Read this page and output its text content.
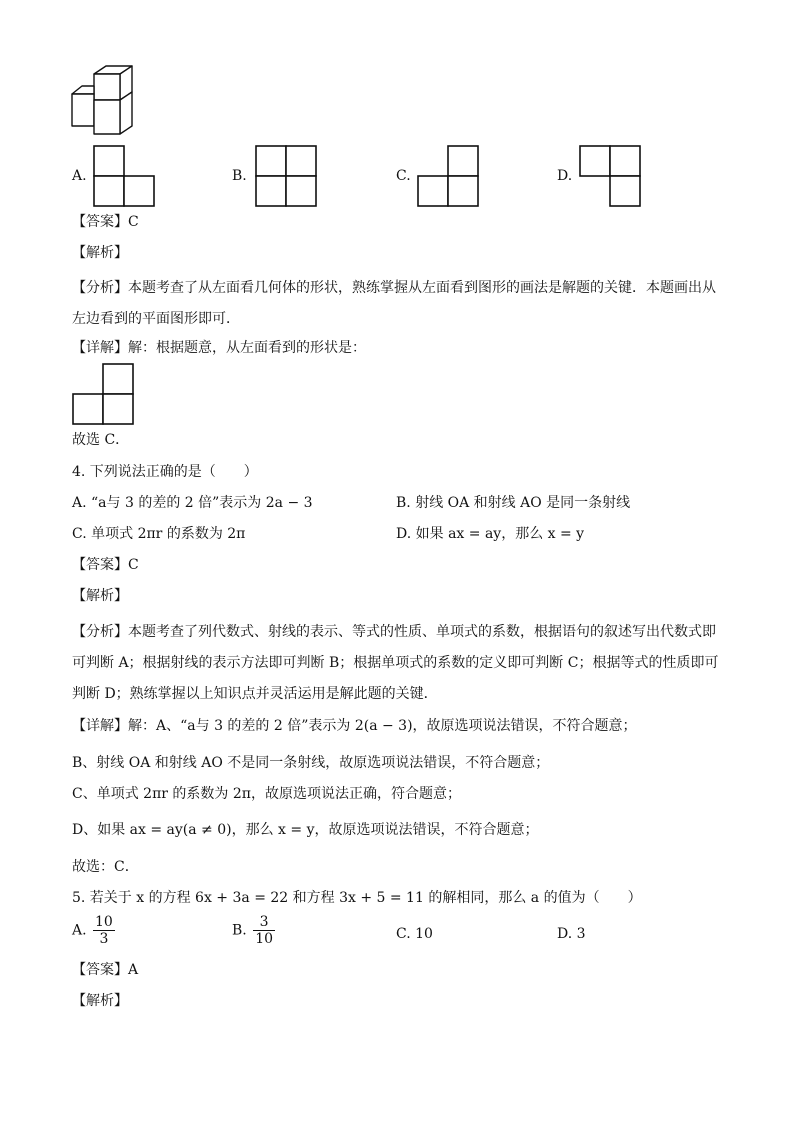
A.	B.	C.	D.
【答案】C
【解析】
【分析】本题考查了从左面看几何体的形状，熟练掌握从左面看到图形的画法是解题的关键．本题画出从左边看到的平面图形即可．
【详解】解：根据题意，从左面看到的形状是：
故选 C．
4. 下列说法正确的是（　　）
A. “a与 3 的差的 2 倍”表示为 2a − 3	B. 射线 OA 和射线 AO 是同一条射线
C. 单项式 2πr 的系数为 2π	D. 如果 ax = ay，那么 x = y
【答案】C
【解析】
【分析】本题考查了列代数式、射线的表示、等式的性质、单项式的系数，根据语句的叙述写出代数式即可判断 A；根据射线的表示方法即可判断 B；根据单项式的系数的定义即可判断 C；根据等式的性质即可判断 D；熟练掌握以上知识点并灵活运用是解此题的关键．
【详解】解：A、“a与 3 的差的 2 倍”表示为 2(a − 3)，故原选项说法错误，不符合题意；
B、射线 OA 和射线 AO 不是同一条射线，故原选项说法错误，不符合题意；
C、单项式 2πr 的系数为 2π，故原选项说法正确，符合题意；
D、如果 ax = ay(a ≠ 0)，那么 x = y，故原选项说法错误，不符合题意；
故选：C．
5. 若关于 x 的方程 6x + 3a = 22 和方程 3x + 5 = 11 的解相同，那么 a 的值为（　　）
A. $\frac{10}{3}$	B. $\frac{3}{10}$	C. 10	D. 3
【答案】A
【解析】
